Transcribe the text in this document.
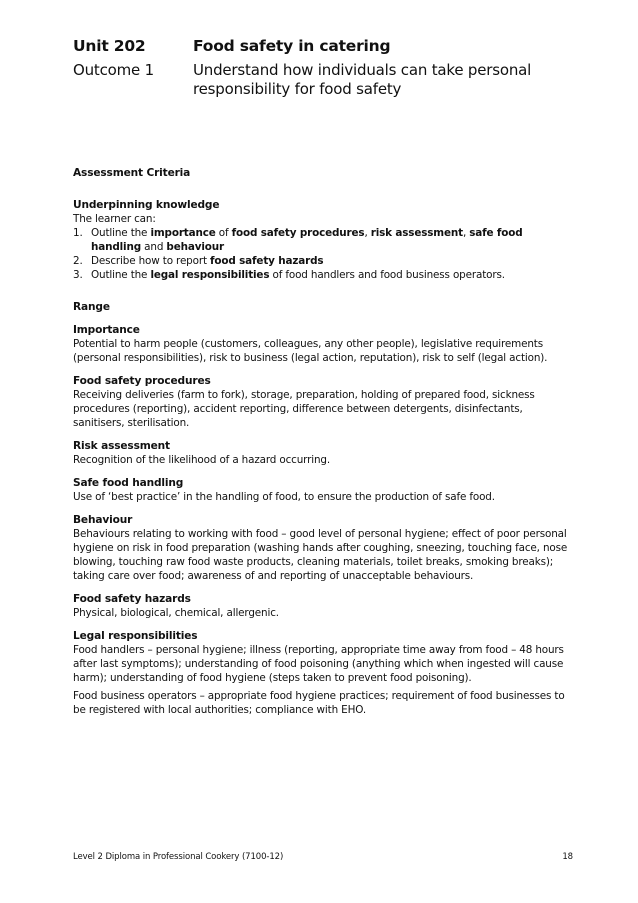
Unit 202	Food safety in catering
Outcome 1	Understand how individuals can take personal responsibility for food safety

Assessment Criteria

Underpinning knowledge

The learner can:

1. Outline the importance of food safety procedures, risk assessment, safe food handling and behaviour
2. Describe how to report food safety hazards
3. Outline the legal responsibilities of food handlers and food business operators.

Range

Importance

Potential to harm people (customers, colleagues, any other people), legislative requirements (personal responsibilities), risk to business (legal action, reputation), risk to self (legal action).

Food safety procedures

Receiving deliveries (farm to fork), storage, preparation, holding of prepared food, sickness procedures (reporting), accident reporting, difference between detergents, disinfectants, sanitisers, sterilisation.

Risk assessment

Recognition of the likelihood of a hazard occurring.

Safe food handling

Use of ‘best practice’ in the handling of food, to ensure the production of safe food.

Behaviour

Behaviours relating to working with food – good level of personal hygiene; effect of poor personal hygiene on risk in food preparation (washing hands after coughing, sneezing, touching face, nose blowing, touching raw food waste products, cleaning materials, toilet breaks, smoking breaks); taking care over food; awareness of and reporting of unacceptable behaviours.

Food safety hazards

Physical, biological, chemical, allergenic.

Legal responsibilities

Food handlers – personal hygiene; illness (reporting, appropriate time away from food – 48 hours after last symptoms); understanding of food poisoning (anything which when ingested will cause harm); understanding of food hygiene (steps taken to prevent food poisoning).

Food business operators – appropriate food hygiene practices; requirement of food businesses to be registered with local authorities; compliance with EHO.

Level 2 Diploma in Professional Cookery (7100-12)	18
